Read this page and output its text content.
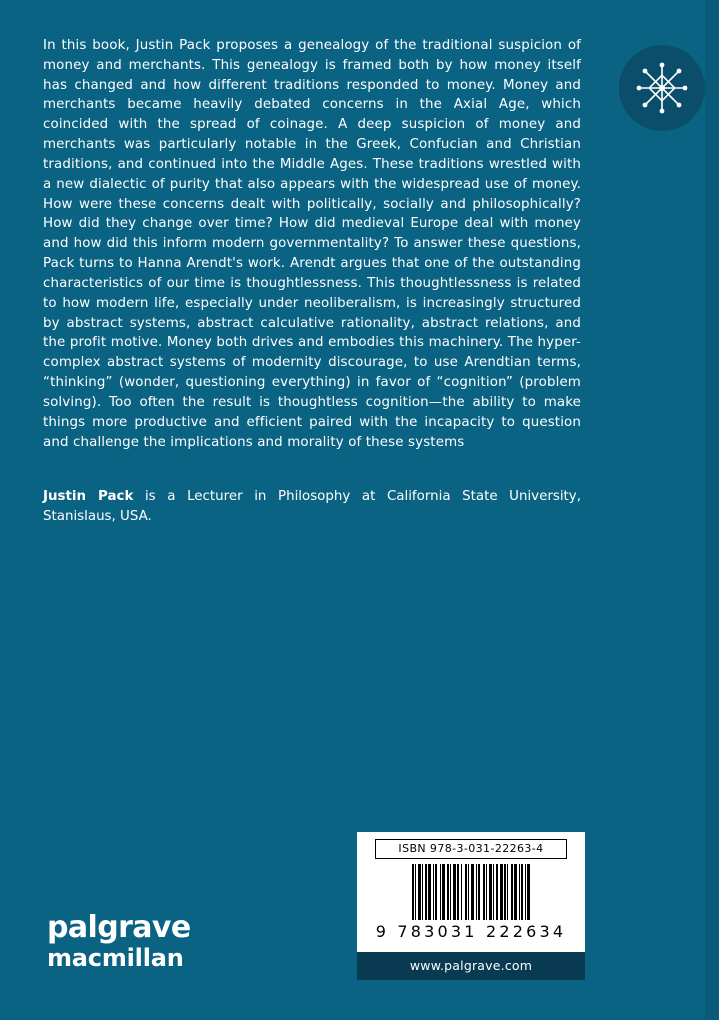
In this book, Justin Pack proposes a genealogy of the traditional suspicion of money and merchants. This genealogy is framed both by how money itself has changed and how different traditions responded to money. Money and merchants became heavily debated concerns in the Axial Age, which coincided with the spread of coinage. A deep suspicion of money and merchants was particularly notable in the Greek, Confucian and Christian traditions, and continued into the Middle Ages. These traditions wrestled with a new dialectic of purity that also appears with the widespread use of money. How were these concerns dealt with politically, socially and philosophically? How did they change over time? How did medieval Europe deal with money and how did this inform modern governmentality? To answer these questions, Pack turns to Hanna Arendt's work. Arendt argues that one of the outstanding characteristics of our time is thoughtlessness. This thoughtlessness is related to how modern life, especially under neoliberalism, is increasingly structured by abstract systems, abstract calculative rationality, abstract relations, and the profit motive. Money both drives and embodies this machinery. The hyper-complex abstract systems of modernity discourage, to use Arendtian terms, “thinking” (wonder, questioning everything) in favor of “cognition” (problem solving). Too often the result is thoughtless cognition—the ability to make things more productive and efficient paired with the incapacity to question and challenge the implications and morality of these systems
Justin Pack is a Lecturer in Philosophy at California State University, Stanislaus, USA.
palgrave
macmillan
ISBN 978-3-031-22263-4
9 783031 222634
www.palgrave.com
